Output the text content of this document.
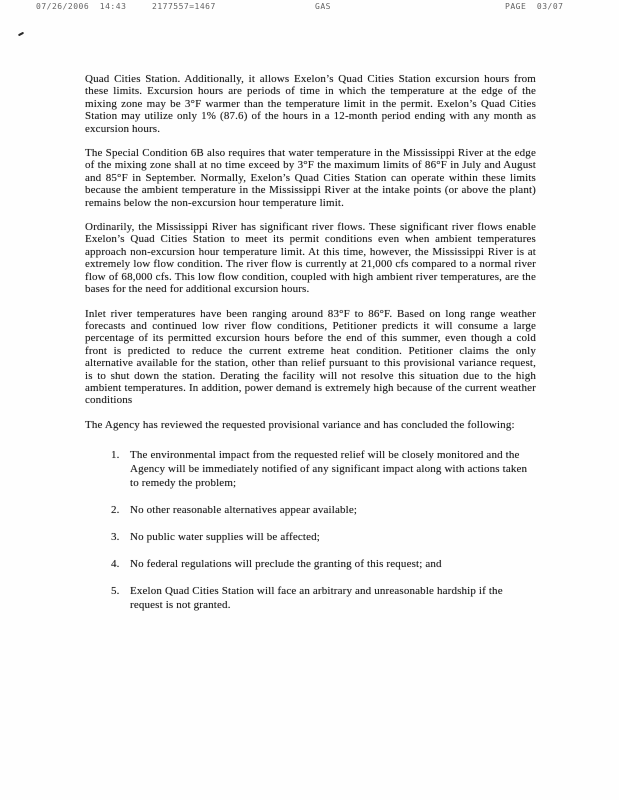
07/26/2006  14:43

	2177557=1467

	GAS

	PAGE  03/07

Quad Cities Station. Additionally, it allows Exelon’s Quad Cities Station excursion hours from these limits. Excursion hours are periods of time in which the temperature at the edge of the mixing zone may be 3°F warmer than the temperature limit in the permit. Exelon’s Quad Cities Station may utilize only 1% (87.6) of the hours in a 12-month period ending with any month as excursion hours.

The Special Condition 6B also requires that water temperature in the Mississippi River at the edge of the mixing zone shall at no time exceed by 3°F the maximum limits of 86°F in July and August and 85°F in September. Normally, Exelon’s Quad Cities Station can operate within these limits because the ambient temperature in the Mississippi River at the intake points (or above the plant) remains below the non-excursion hour temperature limit.

Ordinarily, the Mississippi River has significant river flows. These significant river flows enable Exelon’s Quad Cities Station to meet its permit conditions even when ambient temperatures approach non-excursion hour temperature limit. At this time, however, the Mississippi River is at extremely low flow condition. The river flow is currently at 21,000 cfs compared to a normal river flow of 68,000 cfs. This low flow condition, coupled with high ambient river temperatures, are the bases for the need for additional excursion hours.

Inlet river temperatures have been ranging around 83°F to 86°F. Based on long range weather forecasts and continued low river flow conditions, Petitioner predicts it will consume a large percentage of its permitted excursion hours before the end of this summer, even though a cold front is predicted to reduce the current extreme heat condition. Petitioner claims the only alternative available for the station, other than relief pursuant to this provisional variance request, is to shut down the station. Derating the facility will not resolve this situation due to the high ambient temperatures. In addition, power demand is extremely high because of the current weather conditions

The Agency has reviewed the requested provisional variance and has concluded the following:

1. The environmental impact from the requested relief will be closely monitored and the Agency will be immediately notified of any significant impact along with actions taken to remedy the problem;
2. No other reasonable alternatives appear available;
3. No public water supplies will be affected;
4. No federal regulations will preclude the granting of this request; and
5. Exelon Quad Cities Station will face an arbitrary and unreasonable hardship if the request is not granted.
